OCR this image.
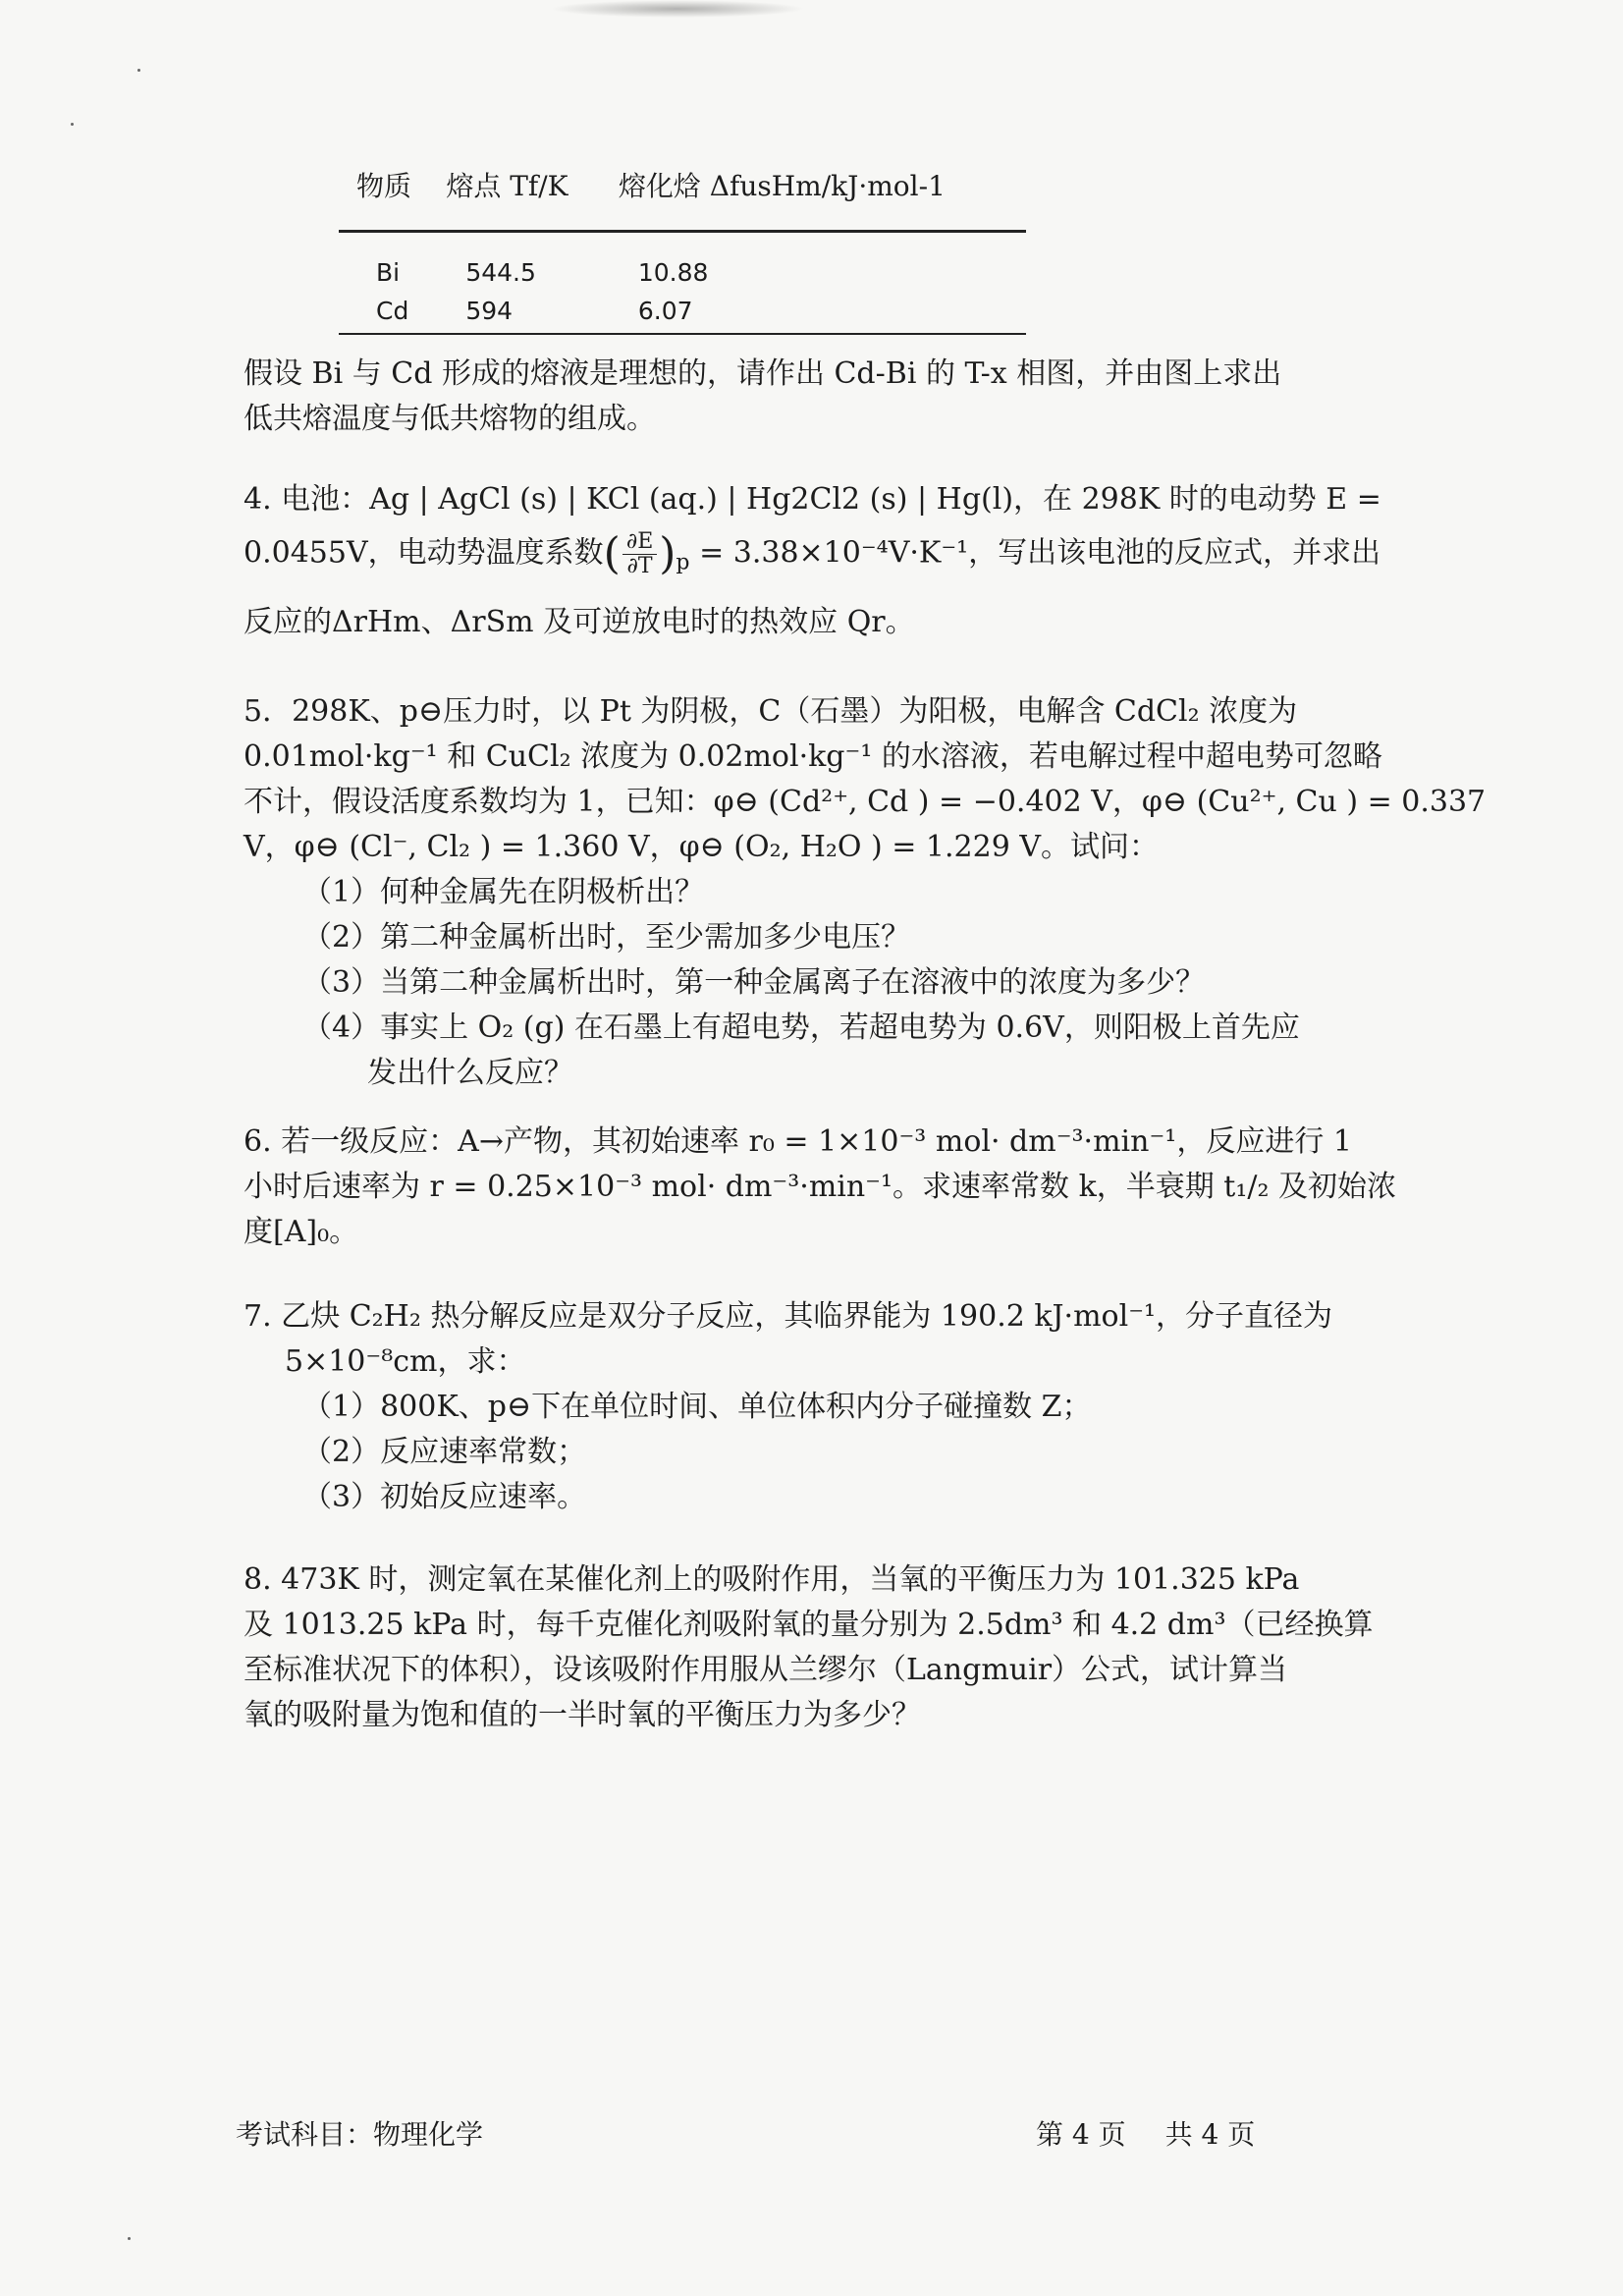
物质	熔点 Tf/K	熔化焓 ΔfusHm/kJ·mol-1
Bi	544.5	10.88
Cd	594	6.07
假设 Bi 与 Cd 形成的熔液是理想的，请作出 Cd-Bi 的 T-x 相图，并由图上求出
低共熔温度与低共熔物的组成。
4. 电池：Ag | AgCl (s) | KCl (aq.) | Hg2Cl2 (s) | Hg(l)，在 298K 时的电动势 E =
0.0455V，电动势温度系数( $\frac{\partial E}{\partial T} )_p = 3.38\times 10^{-4}V\cdot K^{-1}$，写出该电池的反应式，并求出
反应的ΔrHm、ΔrSm 及可逆放电时的热效应 Qr。
5．298K、p⊖压力时，以 Pt 为阴极，C（石墨）为阳极，电解含 CdCl₂ 浓度为
0.01mol·kg⁻¹ 和 CuCl₂ 浓度为 0.02mol·kg⁻¹ 的水溶液，若电解过程中超电势可忽略
不计，假设活度系数均为 1，已知：φ⊖ (Cd²⁺, Cd ) = −0.402 V，φ⊖ (Cu²⁺, Cu ) = 0.337
V，φ⊖ (Cl⁻, Cl₂ ) = 1.360 V，φ⊖ (O₂, H₂O ) = 1.229 V。试问：
（1）何种金属先在阴极析出？
（2）第二种金属析出时，至少需加多少电压？
（3）当第二种金属析出时，第一种金属离子在溶液中的浓度为多少？
（4）事实上 O₂ (g) 在石墨上有超电势，若超电势为 0.6V，则阳极上首先应
发出什么反应？
6. 若一级反应：A→产物，其初始速率 r₀ = 1×10⁻³ mol· dm⁻³·min⁻¹，反应进行 1
小时后速率为 r = 0.25×10⁻³ mol· dm⁻³·min⁻¹。求速率常数 k，半衰期 t₁/₂ 及初始浓
度[A]₀。
7. 乙炔 C₂H₂ 热分解反应是双分子反应，其临界能为 190.2 kJ·mol⁻¹，分子直径为
5×10⁻⁸cm，求：
（1）800K、p⊖下在单位时间、单位体积内分子碰撞数 Z；
（2）反应速率常数；
（3）初始反应速率。
8. 473K 时，测定氧在某催化剂上的吸附作用，当氧的平衡压力为 101.325 kPa
及 1013.25 kPa 时，每千克催化剂吸附氧的量分别为 2.5dm³ 和 4.2 dm³（已经换算
至标准状况下的体积），设该吸附作用服从兰缪尔（Langmuir）公式，试计算当
氧的吸附量为饱和值的一半时氧的平衡压力为多少？
考试科目：物理化学	第 4 页 共 4 页
